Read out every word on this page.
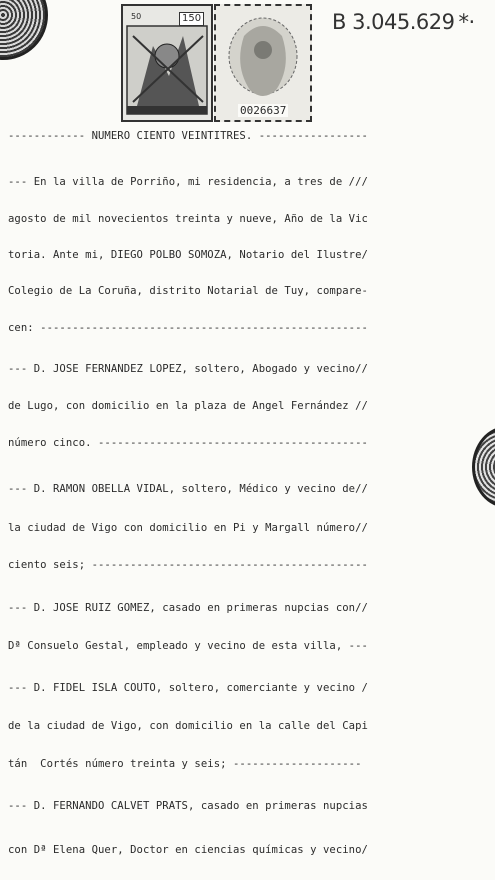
50	150
0026637
B 3.045.629 *·
------------ NUMERO CIENTO VEINTITRES. -----------------
--- En la villa de Porriño, mi residencia, a tres de ///
agosto de mil novecientos treinta y nueve, Año de la Vic
toria. Ante mi, DIEGO POLBO SOMOZA, Notario del Ilustre/
Colegio de La Coruña, distrito Notarial de Tuy, compare-
cen: ---------------------------------------------------
--- D. JOSE FERNANDEZ LOPEZ, soltero, Abogado y vecino//
de Lugo, con domicilio en la plaza de Angel Fernández //
número cinco. ------------------------------------------
--- D. RAMON OBELLA VIDAL, soltero, Médico y vecino de//
la ciudad de Vigo con domicilio en Pi y Margall número//
ciento seis; -------------------------------------------
--- D. JOSE RUIZ GOMEZ, casado en primeras nupcias con//
Dª Consuelo Gestal, empleado y vecino de esta villa, ---
--- D. FIDEL ISLA COUTO, soltero, comerciante y vecino /
de la ciudad de Vigo, con domicilio en la calle del Capi
tán  Cortés número treinta y seis; --------------------
--- D. FERNANDO CALVET PRATS, casado en primeras nupcias
con Dª Elena Quer, Doctor en ciencias químicas y vecino/
